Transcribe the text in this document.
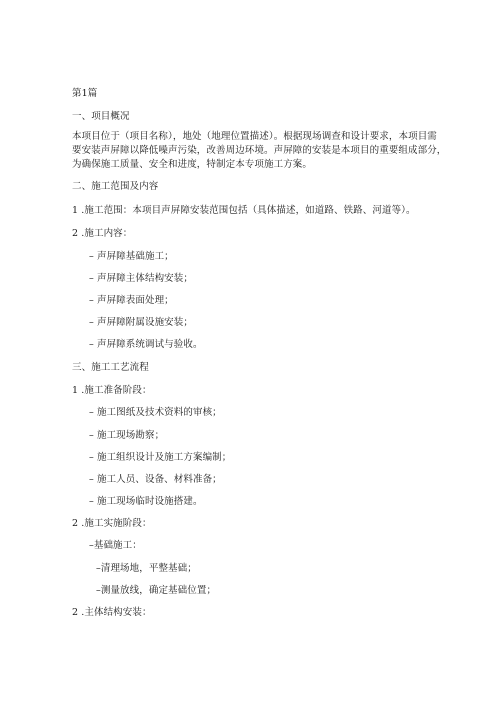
第1篇
一、项目概况
本项目位于（项目名称），地处（地理位置描述）。根据现场调查和设计要求，本项目需
要安装声屏障以降低噪声污染，改善周边环境。声屏障的安装是本项目的重要组成部分，
为确保施工质量、安全和进度，特制定本专项施工方案。
二、施工范围及内容
1 .施工范围：本项目声屏障安装范围包括（具体描述，如道路、铁路、河道等）。
2 .施工内容：
– 声屏障基础施工；
– 声屏障主体结构安装；
– 声屏障表面处理；
– 声屏障附属设施安装；
– 声屏障系统调试与验收。
三、施工工艺流程
1 .施工准备阶段：
– 施工图纸及技术资料的审核；
– 施工现场勘察；
– 施工组织设计及施工方案编制；
– 施工人员、设备、材料准备；
– 施工现场临时设施搭建。
2 .施工实施阶段：
–基础施工：
–清理场地，平整基础；
–测量放线，确定基础位置；
2 .主体结构安装：
